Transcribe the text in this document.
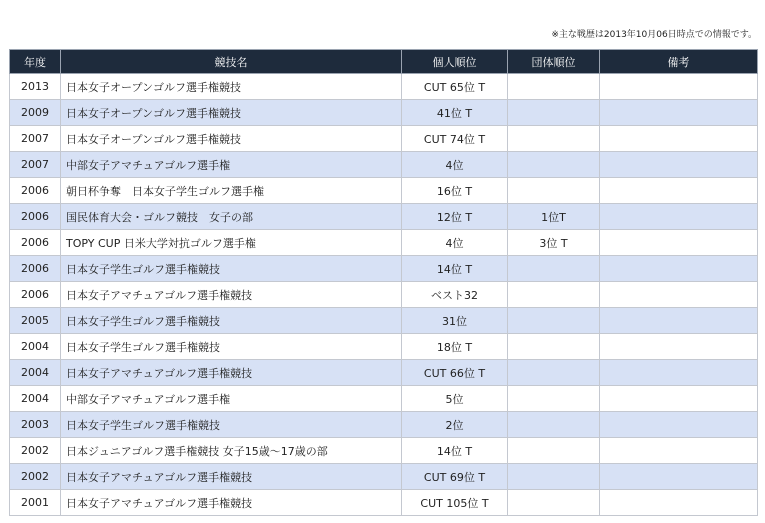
※主な戦歴は2013年10月06日時点での情報です。
年度	競技名	個人順位	団体順位	備考
2013	日本女子オープンゴルフ選手権競技	CUT 65位 T		
2009	日本女子オープンゴルフ選手権競技	41位 T		
2007	日本女子オープンゴルフ選手権競技	CUT 74位 T		
2007	中部女子アマチュアゴルフ選手権	4位		
2006	朝日杯争奪　日本女子学生ゴルフ選手権	16位 T		
2006	国民体育大会・ゴルフ競技　女子の部	12位 T	1位T	
2006	TOPY CUP 日米大学対抗ゴルフ選手権	4位	3位 T	
2006	日本女子学生ゴルフ選手権競技	14位 T		
2006	日本女子アマチュアゴルフ選手権競技	ベスト32		
2005	日本女子学生ゴルフ選手権競技	31位		
2004	日本女子学生ゴルフ選手権競技	18位 T		
2004	日本女子アマチュアゴルフ選手権競技	CUT 66位 T		
2004	中部女子アマチュアゴルフ選手権	5位		
2003	日本女子学生ゴルフ選手権競技	2位		
2002	日本ジュニアゴルフ選手権競技 女子15歳～17歳の部	14位 T		
2002	日本女子アマチュアゴルフ選手権競技	CUT 69位 T		
2001	日本女子アマチュアゴルフ選手権競技	CUT 105位 T		
